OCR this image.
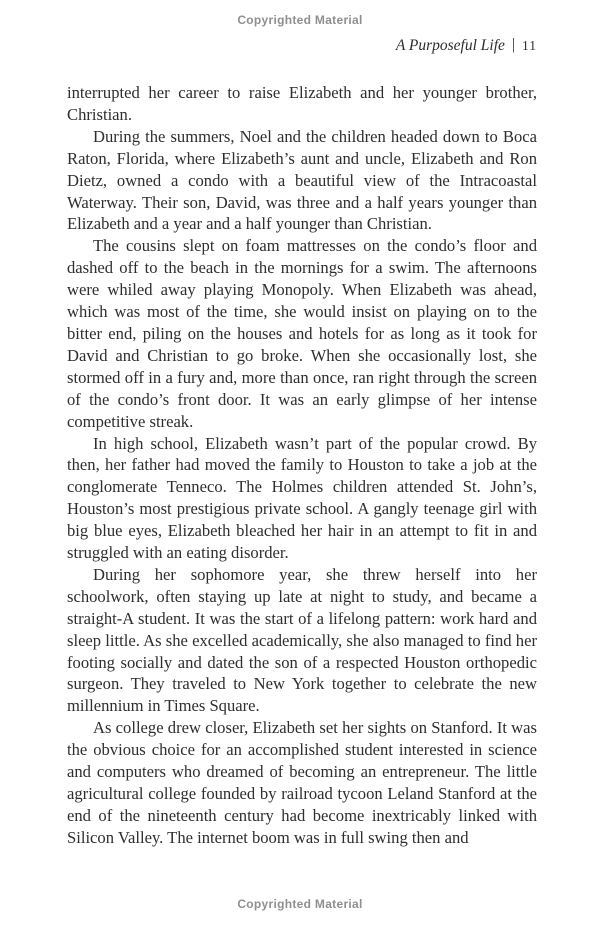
Copyrighted Material
A Purposeful Life | 11

interrupted her career to raise Elizabeth and her younger brother, Christian.

During the summers, Noel and the children headed down to Boca Raton, Florida, where Elizabeth’s aunt and uncle, Elizabeth and Ron Dietz, owned a condo with a beautiful view of the Intracoastal Waterway. Their son, David, was three and a half years younger than Elizabeth and a year and a half younger than Christian.

The cousins slept on foam mattresses on the condo’s floor and dashed off to the beach in the mornings for a swim. The afternoons were whiled away playing Monopoly. When Elizabeth was ahead, which was most of the time, she would insist on playing on to the bitter end, piling on the houses and hotels for as long as it took for David and Christian to go broke. When she occasionally lost, she stormed off in a fury and, more than once, ran right through the screen of the condo’s front door. It was an early glimpse of her intense competitive streak.

In high school, Elizabeth wasn’t part of the popular crowd. By then, her father had moved the family to Houston to take a job at the conglomerate Tenneco. The Holmes children attended St. John’s, Houston’s most prestigious private school. A gangly teenage girl with big blue eyes, Elizabeth bleached her hair in an attempt to fit in and struggled with an eating disorder.

During her sophomore year, she threw herself into her schoolwork, often staying up late at night to study, and became a straight-A student. It was the start of a lifelong pattern: work hard and sleep little. As she excelled academically, she also managed to find her footing socially and dated the son of a respected Houston orthopedic surgeon. They traveled to New York together to celebrate the new millennium in Times Square.

As college drew closer, Elizabeth set her sights on Stanford. It was the obvious choice for an accomplished student interested in science and computers who dreamed of becoming an entrepreneur. The little agricultural college founded by railroad tycoon Leland Stanford at the end of the nineteenth century had become inextricably linked with Silicon Valley. The internet boom was in full swing then and

Copyrighted Material
